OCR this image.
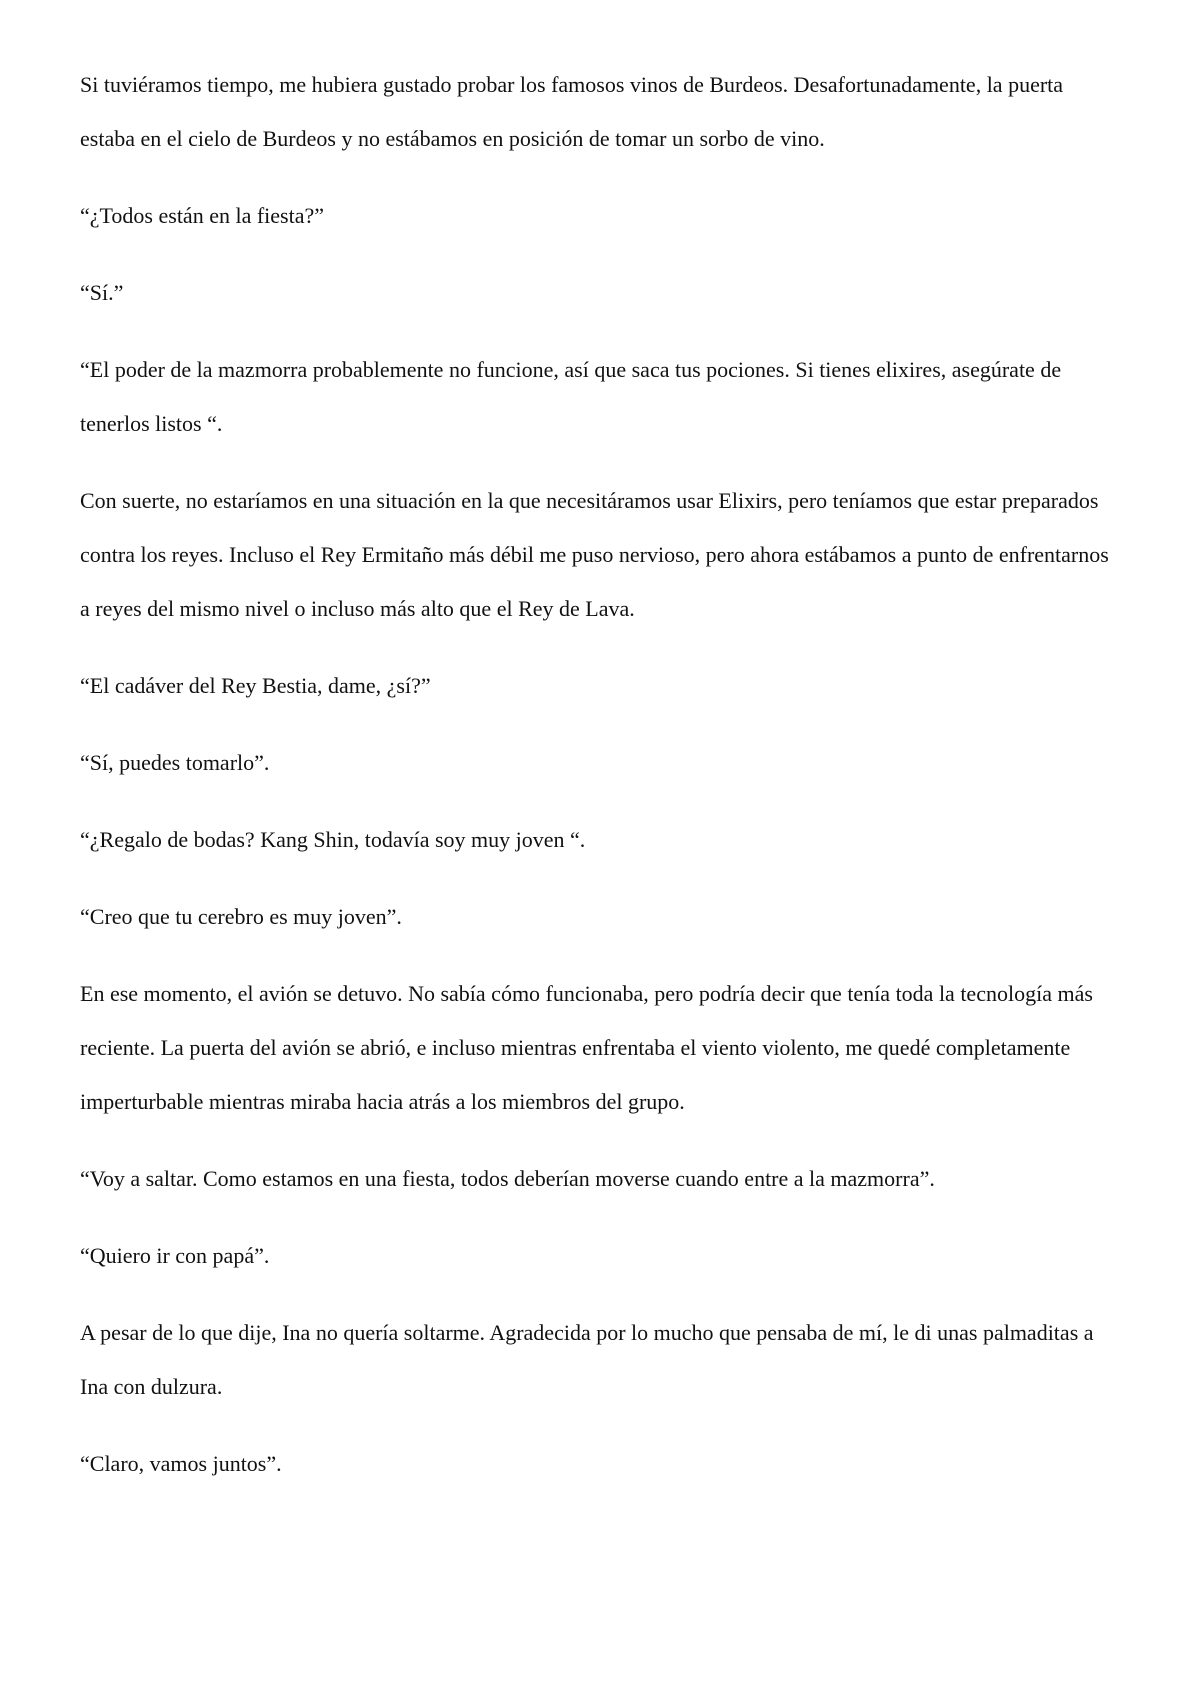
Si tuviéramos tiempo, me hubiera gustado probar los famosos vinos de Burdeos. Desafortunadamente, la puerta estaba en el cielo de Burdeos y no estábamos en posición de tomar un sorbo de vino.

“¿Todos están en la fiesta?”

“Sí.”

“El poder de la mazmorra probablemente no funcione, así que saca tus pociones. Si tienes elixires, asegúrate de tenerlos listos “.

Con suerte, no estaríamos en una situación en la que necesitáramos usar Elixirs, pero teníamos que estar preparados contra los reyes. Incluso el Rey Ermitaño más débil me puso nervioso, pero ahora estábamos a punto de enfrentarnos a reyes del mismo nivel o incluso más alto que el Rey de Lava.

“El cadáver del Rey Bestia, dame, ¿sí?”

“Sí, puedes tomarlo”.

“¿Regalo de bodas? Kang Shin, todavía soy muy joven “.

“Creo que tu cerebro es muy joven”.

En ese momento, el avión se detuvo. No sabía cómo funcionaba, pero podría decir que tenía toda la tecnología más reciente. La puerta del avión se abrió, e incluso mientras enfrentaba el viento violento, me quedé completamente imperturbable mientras miraba hacia atrás a los miembros del grupo.

“Voy a saltar. Como estamos en una fiesta, todos deberían moverse cuando entre a la mazmorra”.

“Quiero ir con papá”.

A pesar de lo que dije, Ina no quería soltarme. Agradecida por lo mucho que pensaba de mí, le di unas palmaditas a Ina con dulzura.

“Claro, vamos juntos”.
